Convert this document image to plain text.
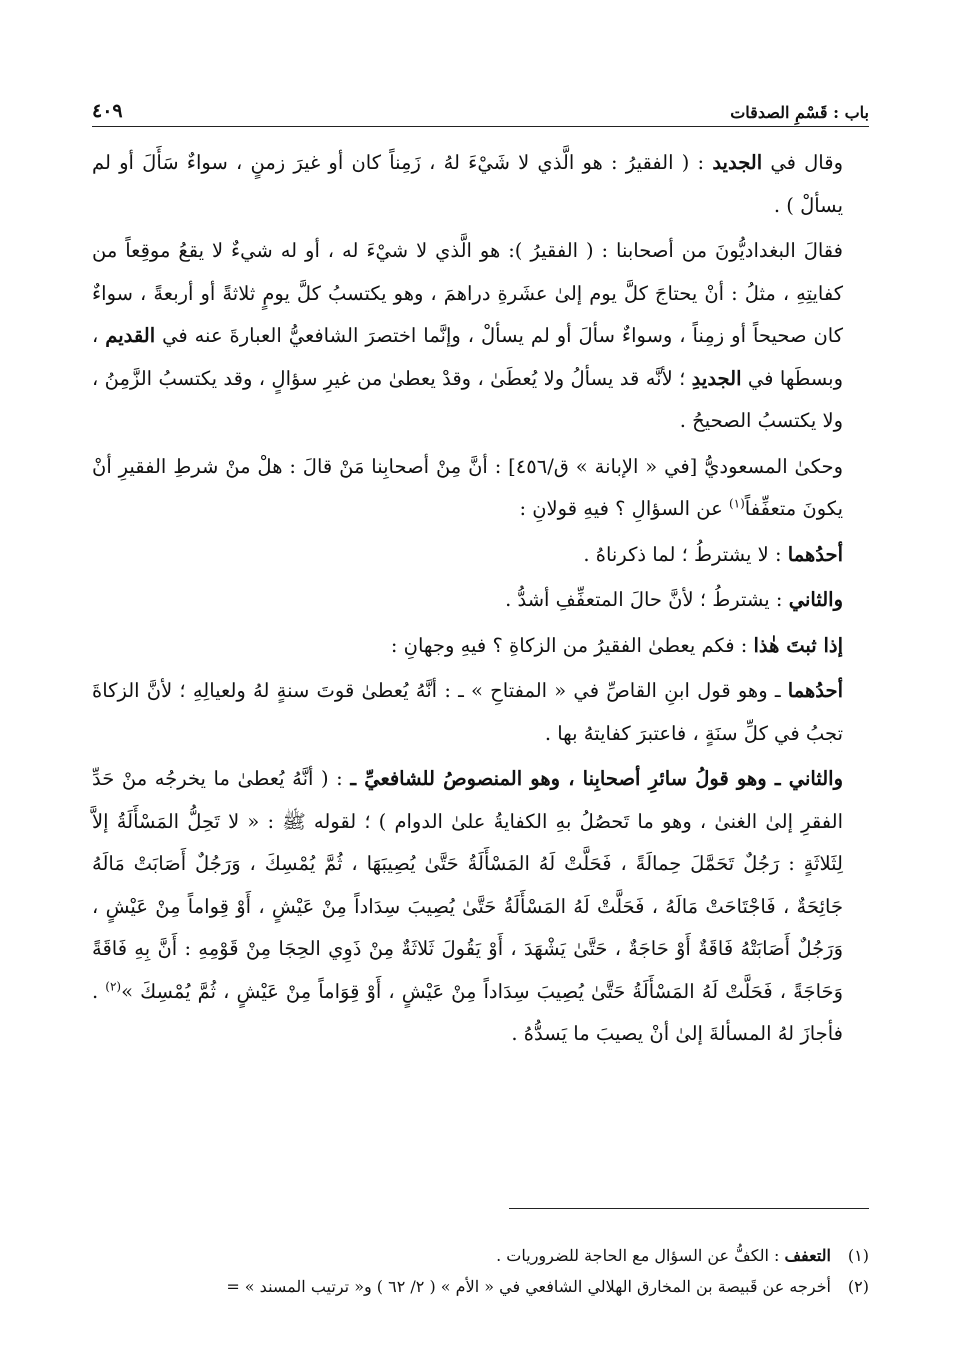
باب : قَسْمِ الصدقات
٤٠٩

وقال في الجديد : ( الفقيرُ : هو الَّذي لا شَيْءَ لهُ ، زَمِناً كان أو غيرَ زمنٍ ، سواءٌ سَأَلَ أو لم يسألْ ) .

فقالَ البغداديُّونَ من أصحابنا : ( الفقيرُ ): هو الَّذي لا شيْءَ له ، أو له شيءٌ لا يقعُ موقِعاً من كفايتِهِ ، مثلُ : أنْ يحتاجَ كلَّ يوم إلىٰ عشَرةِ دراهمَ ، وهو يكتسبُ كلَّ يومٍ ثلاثةً أو أربعةً ، سواءٌ كان صحيحاً أو زمِناً ، وسواءٌ سألَ أو لم يسألْ ، وإنَّما اختصرَ الشافعيُّ العبارةَ عنه في القديم ، وبسطَها في الجديدِ ؛ لأنَّه قد يسألُ ولا يُعطَىٰ ، وقدْ يعطىٰ من غيرِ سؤالٍ ، وقد يكتسبُ الزَّمِنُ ، ولا يكتسبُ الصحيحُ .

وحكىٰ المسعوديُّ [في « الإبانة » ق/٤٥٦] : أنَّ مِنْ أصحابِنا مَنْ قالَ : هلْ منْ شرطِ الفقيرِ أنْ يكونَ متعفِّفاً$^{(١)}$ عن السؤالِ ؟ فيهِ قولانِ :

أحدُهما : لا يشترطُ ؛ لما ذكرناهُ .

والثاني : يشترطُ ؛ لأنَّ حالَ المتعفِّفِ أشدُّ .

إذا ثبتَ هٰذا : فكم يعطىٰ الفقيرُ من الزكاةِ ؟ فيهِ وجهانِ :

أحدُهما ـ وهو قول ابنِ القاصِّ في « المفتاحِ » ـ : أنَّهُ يُعطىٰ قوتَ سنةٍ لهُ ولعيالِهِ ؛ لأنَّ الزكاةَ تجبُ في كلِّ سنَةٍ ، فاعتبرَ كفايتهُ بها .

والثاني ـ وهو قولُ سائرِ أصحابِنا ، وهو المنصوصُ للشافعيِّ ـ : ( أنَّهُ يُعطىٰ ما يخرجُه منْ حَدِّ الفقرِ إلىٰ الغنىٰ ، وهو ما تَحصُلُ بهِ الكفايةُ علىٰ الدوام ) ؛ لقوله ﷺ : « لا تَحِلُّ المَسْأَلَةُ إلاَّ لِثَلاثَةٍ : رَجُلٌ تَحَمَّلَ حِمالَةً ، فَحَلَّتْ لَهُ المَسْأَلَةُ حَتَّىٰ يُصِيبَهَا ، ثُمَّ يُمْسِكَ ، وَرَجُلٌ أَصَابَتْ مَالَهُ جَائِحَةٌ ، فَاجْتَاحَتْ مَالَهُ ، فَحَلَّتْ لَهُ المَسْأَلَةُ حَتَّىٰ يُصِيبَ سِدَاداً مِنْ عَيْشٍ ، أَوْ قِواماً مِنْ عَيْشٍ ، وَرَجُلٌ أَصَابَتْهُ فَاقَةٌ أَوْ حَاجَةٌ ، حَتَّىٰ يَشْهَدَ ، أَوْ يَقُولَ ثَلاثَةٌ مِنْ ذَوِي الحِجَا مِنْ قَوْمِهِ : أَنَّ بِهِ فَاقَةً وَحَاجَةً ، فَحَلَّتْ لَهُ المَسْأَلَةُ حَتَّىٰ يُصِيبَ سِدَاداً مِنْ عَيْشٍ ، أَوْ قِوَاماً مِنْ عَيْشٍ ، ثُمَّ يُمْسِكَ »$^{(٢)}$ . فأجازَ لهُ المسألةَ إلىٰ أنْ يصيبَ ما يَسدُّهُ .

(١)التعفف : الكفُّ عن السؤال مع الحاجة للضروريات .

(٢)أخرجه عن قَبيصة بن المخارق الهلالي الشافعي في « الأم » ( ٢/ ٦٢ ) و« ترتيب المسند » =
